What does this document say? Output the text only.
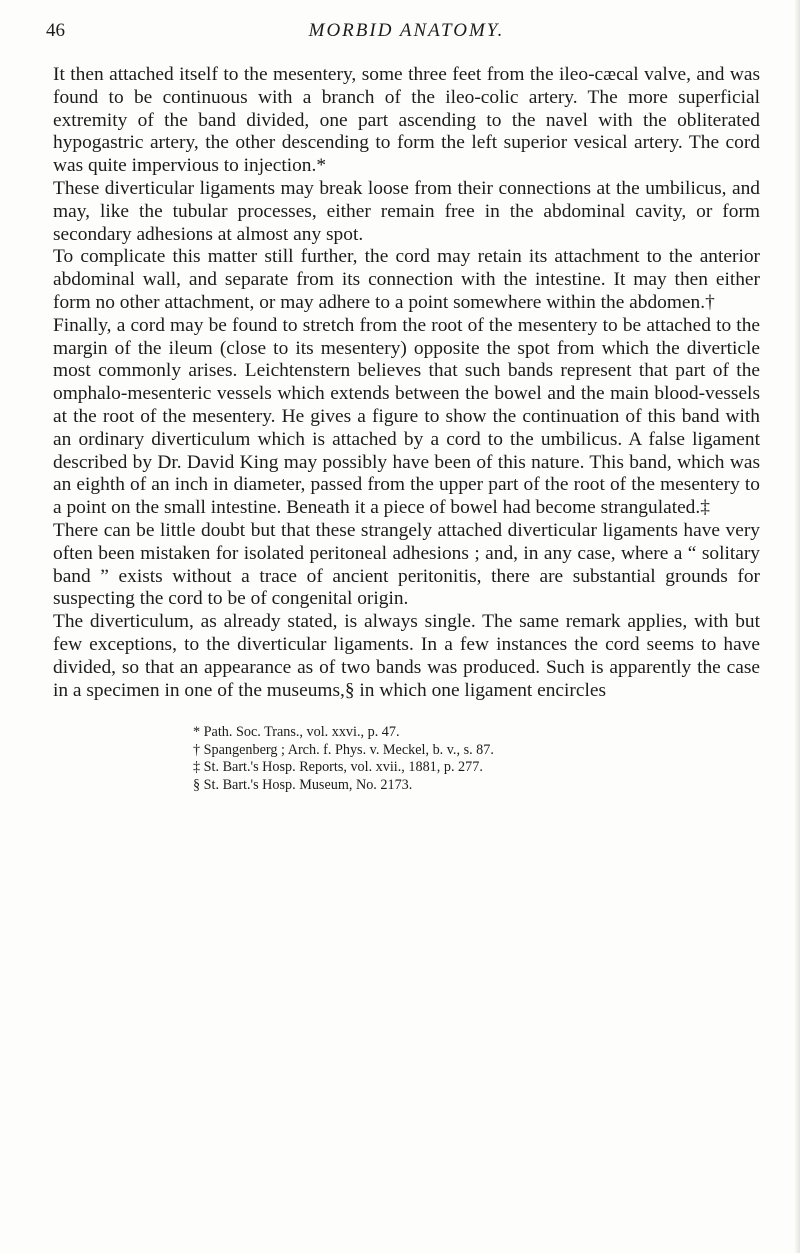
46	MORBID ANATOMY.

It then attached itself to the mesentery, some three feet from the ileo-cæcal valve, and was found to be continuous with a branch of the ileo-colic artery. The more superficial extremity of the band divided, one part ascending to the navel with the obliterated hypogastric artery, the other descending to form the left superior vesical artery. The cord was quite impervious to injection.*

These diverticular ligaments may break loose from their connections at the umbilicus, and may, like the tubular processes, either remain free in the abdominal cavity, or form secondary adhesions at almost any spot.

To complicate this matter still further, the cord may retain its attachment to the anterior abdominal wall, and separate from its connection with the intestine. It may then either form no other attachment, or may adhere to a point somewhere within the abdomen.†

Finally, a cord may be found to stretch from the root of the mesentery to be attached to the margin of the ileum (close to its mesentery) opposite the spot from which the diverticle most commonly arises. Leichtenstern believes that such bands represent that part of the omphalo-mesenteric vessels which extends between the bowel and the main blood-vessels at the root of the mesentery. He gives a figure to show the continuation of this band with an ordinary diverticulum which is attached by a cord to the umbilicus. A false ligament described by Dr. David King may possibly have been of this nature. This band, which was an eighth of an inch in diameter, passed from the upper part of the root of the mesentery to a point on the small intestine. Beneath it a piece of bowel had become strangulated.‡

There can be little doubt but that these strangely attached diverticular ligaments have very often been mistaken for isolated peritoneal adhesions ; and, in any case, where a “ solitary band ” exists without a trace of ancient peritonitis, there are substantial grounds for suspecting the cord to be of congenital origin.

The diverticulum, as already stated, is always single. The same remark applies, with but few exceptions, to the diverticular ligaments. In a few instances the cord seems to have divided, so that an appearance as of two bands was produced. Such is apparently the case in a specimen in one of the museums,§ in which one ligament encircles

* Path. Soc. Trans., vol. xxvi., p. 47.
† Spangenberg ; Arch. f. Phys. v. Meckel, b. v., s. 87.
‡ St. Bart.'s Hosp. Reports, vol. xvii., 1881, p. 277.
§ St. Bart.'s Hosp. Museum, No. 2173.
